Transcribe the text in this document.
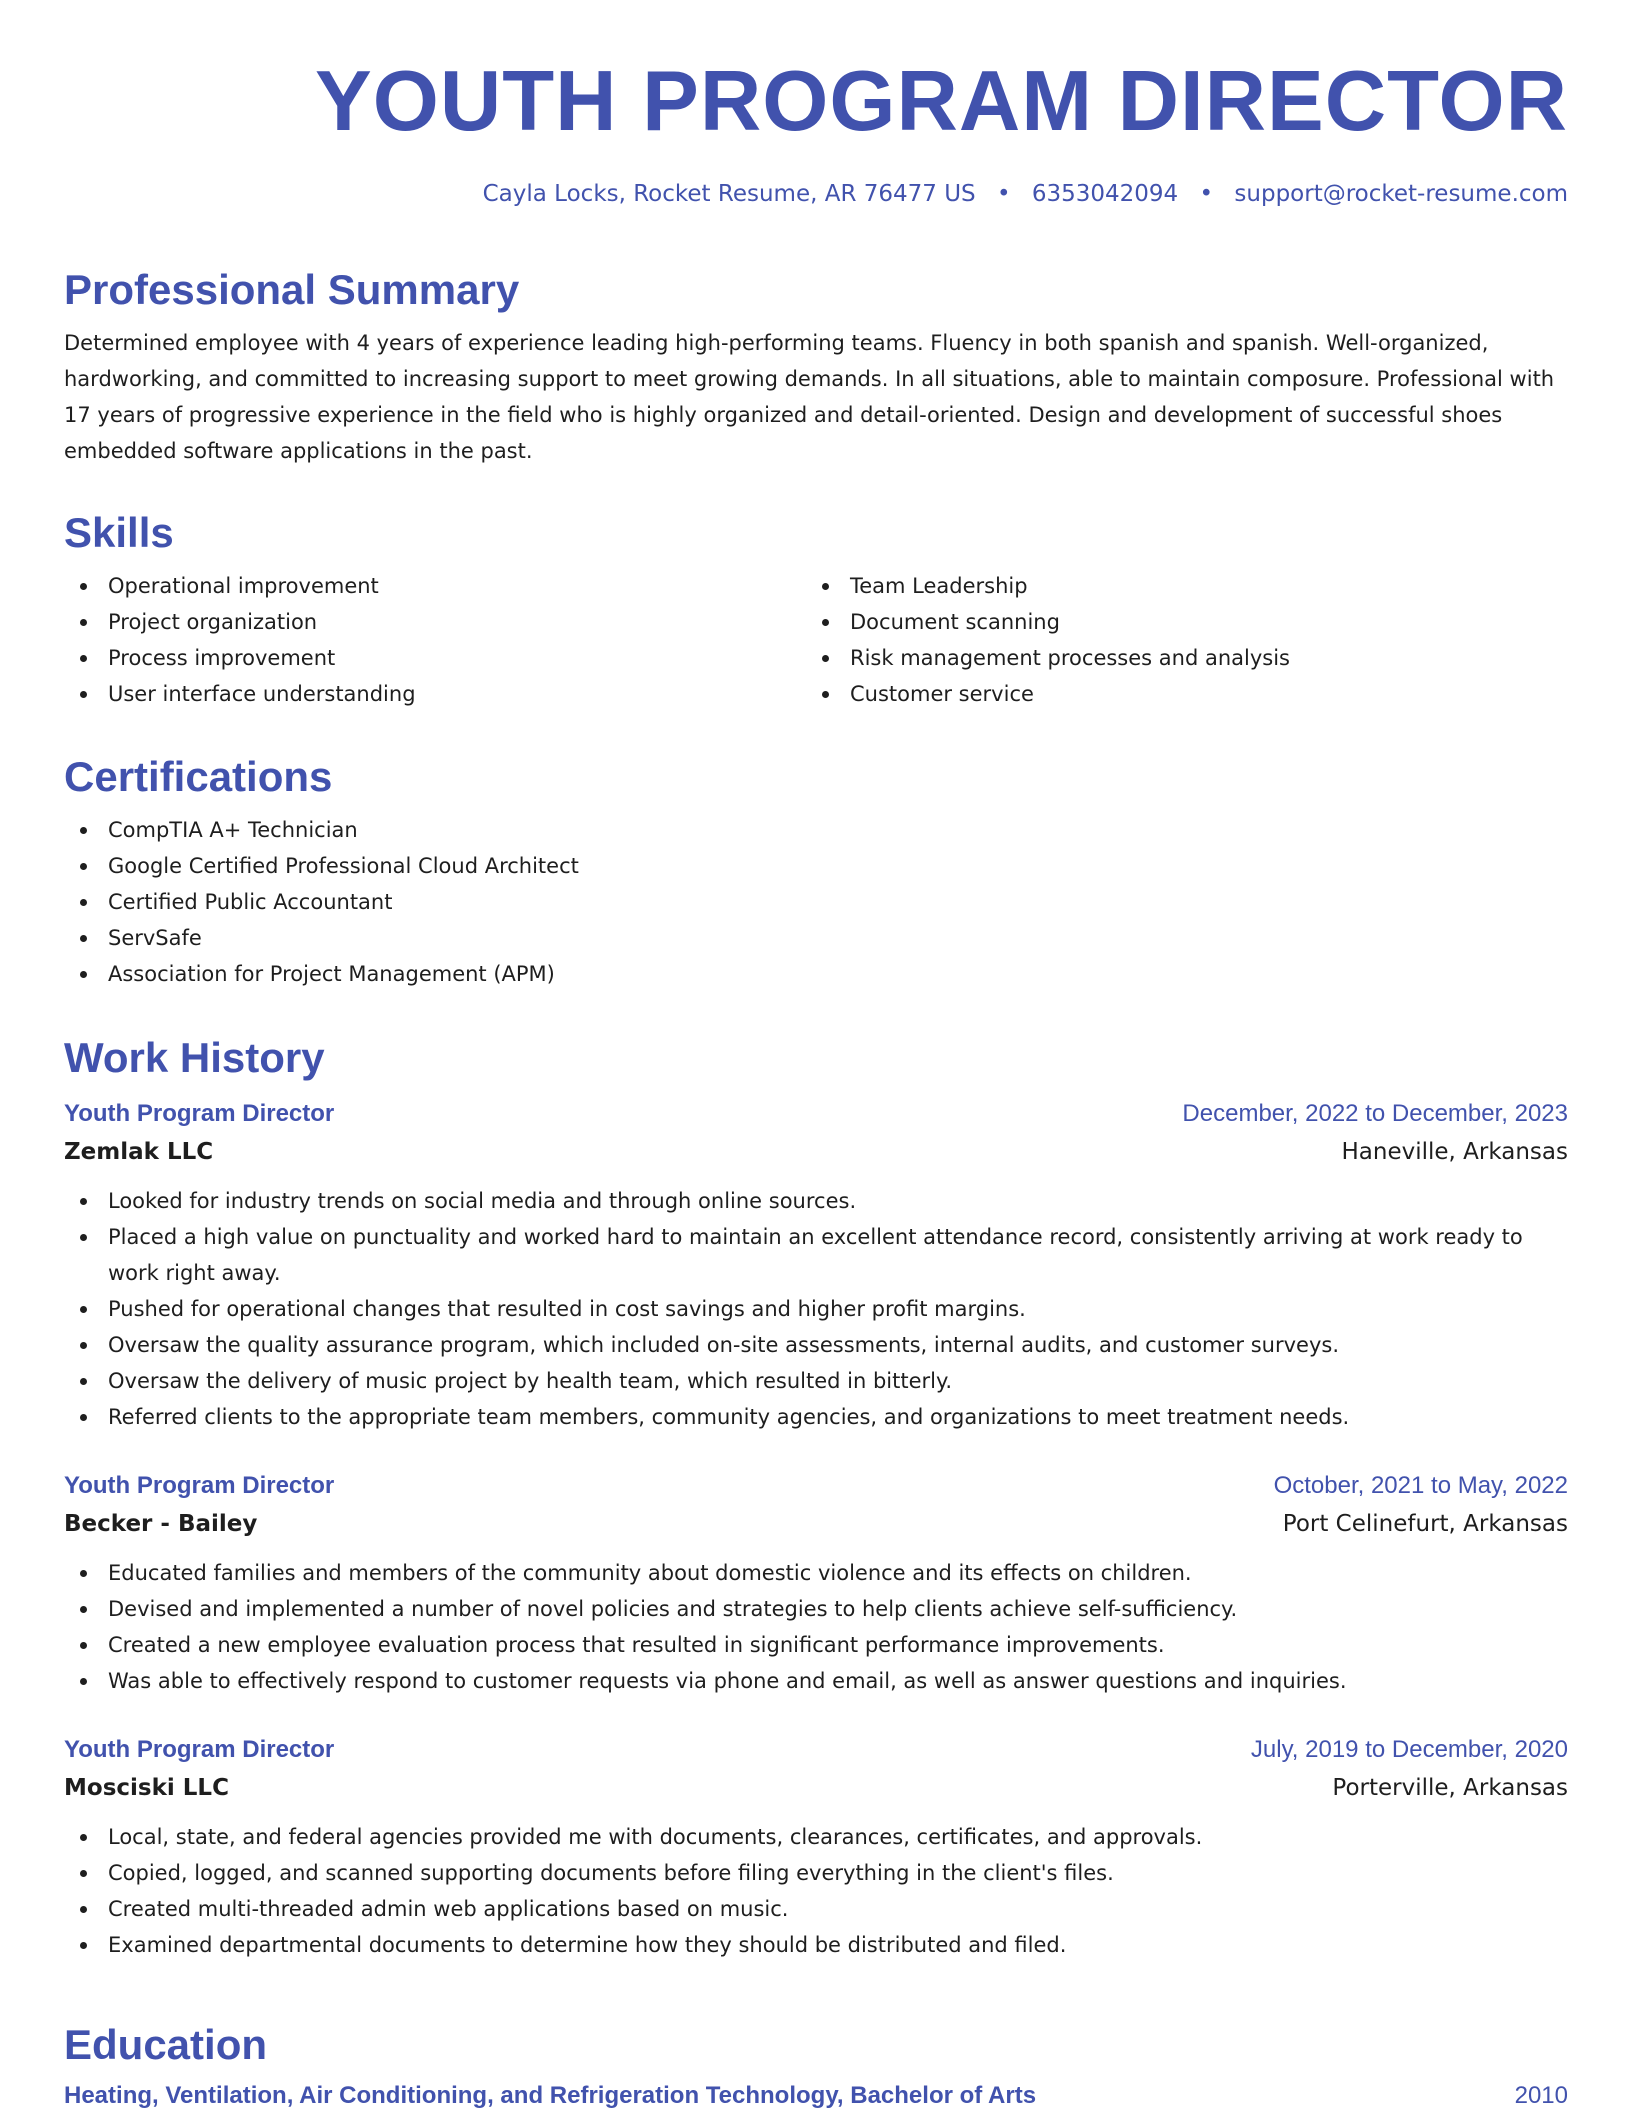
YOUTH PROGRAM DIRECTOR
Cayla Locks, Rocket Resume, AR 76477 US • 6353042094 • support@rocket-resume.com
Professional Summary

Determined employee with 4 years of experience leading high-performing teams. Fluency in both spanish and spanish. Well-organized, hardworking, and committed to increasing support to meet growing demands. In all situations, able to maintain composure. Professional with 17 years of progressive experience in the field who is highly organized and detail-oriented. Design and development of successful shoes embedded software applications in the past.

Skills
Operational improvement
Project organization
Process improvement
User interface understanding
Team Leadership
Document scanning
Risk management processes and analysis
Customer service
Certifications
CompTIA A+ Technician
Google Certified Professional Cloud Architect
Certified Public Accountant
ServSafe
Association for Project Management (APM)
Work History
Youth Program Director	December, 2022 to December, 2023
Zemlak LLC	Haneville, Arkansas
Looked for industry trends on social media and through online sources.
Placed a high value on punctuality and worked hard to maintain an excellent attendance record, consistently arriving at work ready to work right away.
Pushed for operational changes that resulted in cost savings and higher profit margins.
Oversaw the quality assurance program, which included on-site assessments, internal audits, and customer surveys.
Oversaw the delivery of music project by health team, which resulted in bitterly.
Referred clients to the appropriate team members, community agencies, and organizations to meet treatment needs.
Youth Program Director	October, 2021 to May, 2022
Becker - Bailey	Port Celinefurt, Arkansas
Educated families and members of the community about domestic violence and its effects on children.
Devised and implemented a number of novel policies and strategies to help clients achieve self-sufficiency.
Created a new employee evaluation process that resulted in significant performance improvements.
Was able to effectively respond to customer requests via phone and email, as well as answer questions and inquiries.
Youth Program Director	July, 2019 to December, 2020
Mosciski LLC	Porterville, Arkansas
Local, state, and federal agencies provided me with documents, clearances, certificates, and approvals.
Copied, logged, and scanned supporting documents before filing everything in the client's files.
Created multi-threaded admin web applications based on music.
Examined departmental documents to determine how they should be distributed and filed.
Education
Heating, Ventilation, Air Conditioning, and Refrigeration Technology, Bachelor of Arts	2010
